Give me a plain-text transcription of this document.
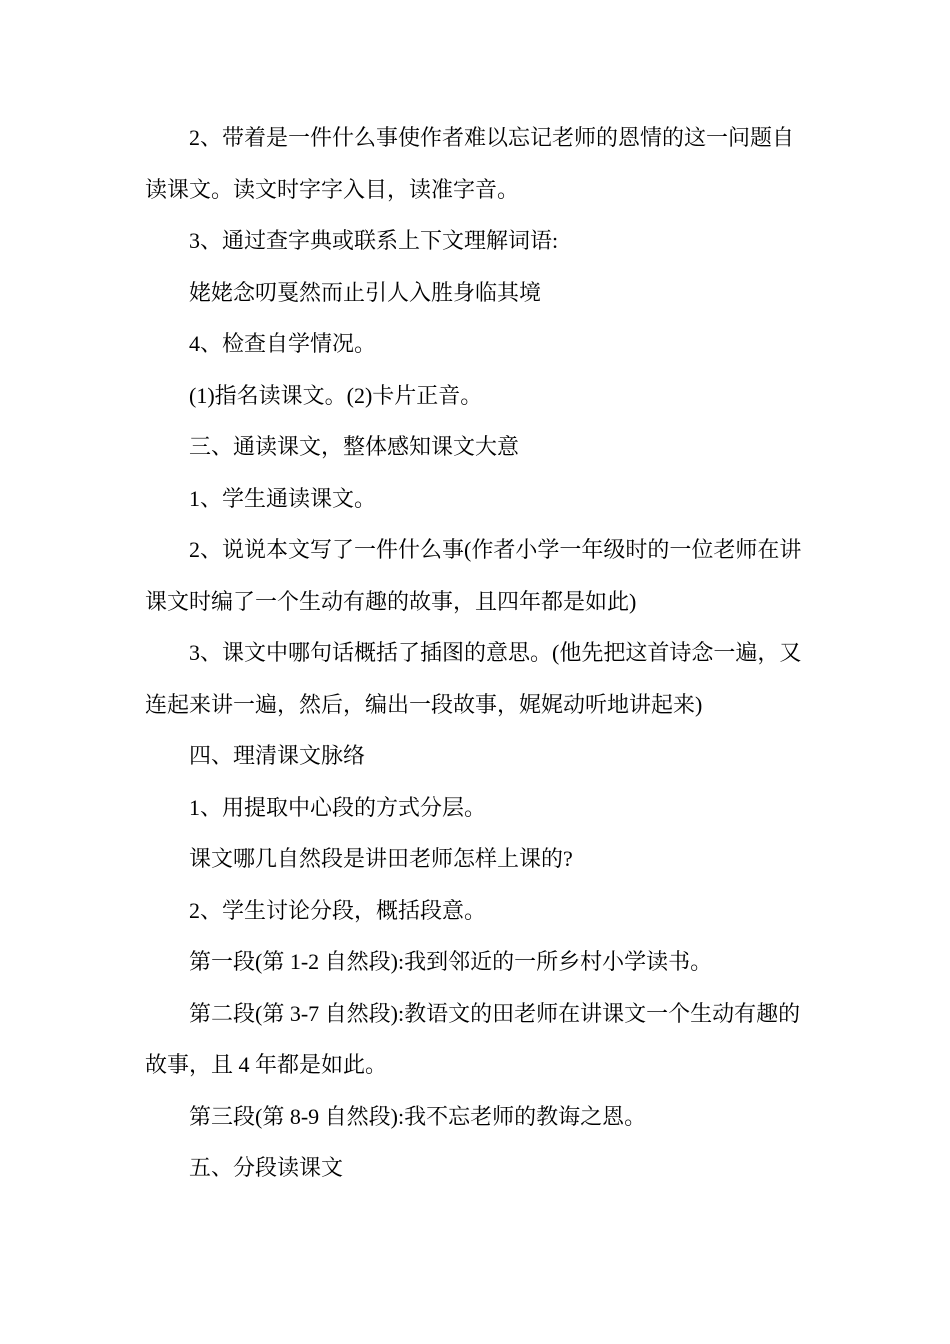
2、带着是一件什么事使作者难以忘记老师的恩情的这一问题自读课文。读文时字字入目，读准字音。

3、通过查字典或联系上下文理解词语:

姥姥念叨戛然而止引人入胜身临其境

4、检查自学情况。

(1)指名读课文。(2)卡片正音。

三、通读课文，整体感知课文大意

1、学生通读课文。

2、说说本文写了一件什么事(作者小学一年级时的一位老师在讲课文时编了一个生动有趣的故事，且四年都是如此)

3、课文中哪句话概括了插图的意思。(他先把这首诗念一遍，又连起来讲一遍，然后，编出一段故事，娓娓动听地讲起来)

四、理清课文脉络

1、用提取中心段的方式分层。

课文哪几自然段是讲田老师怎样上课的?

2、学生讨论分段，概括段意。

第一段(第 1-2 自然段):我到邻近的一所乡村小学读书。

第二段(第 3-7 自然段):教语文的田老师在讲课文一个生动有趣的故事，且 4 年都是如此。

第三段(第 8-9 自然段):我不忘老师的教诲之恩。

五、分段读课文
